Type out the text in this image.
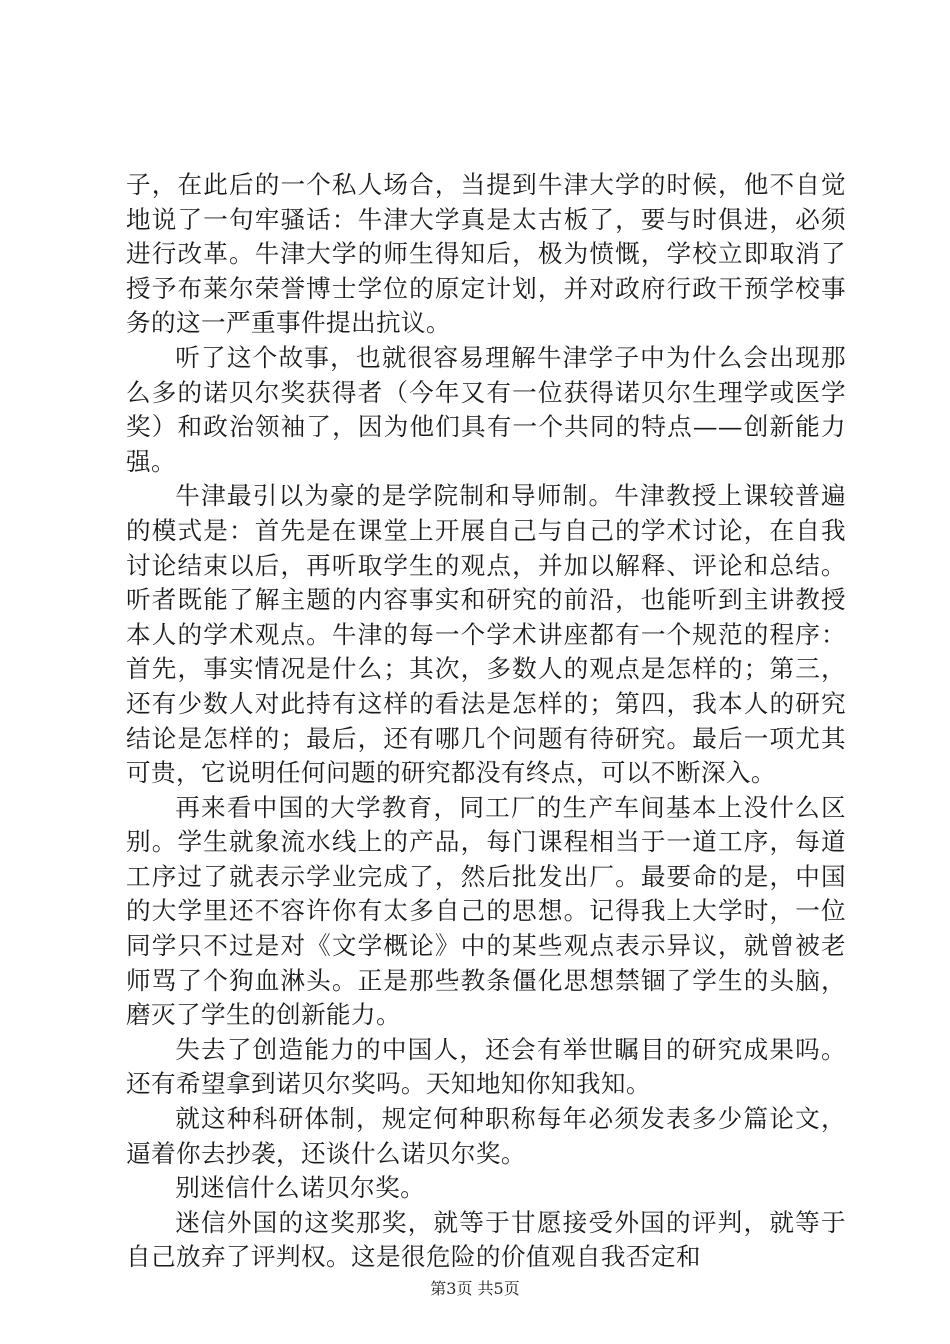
子，在此后的一个私人场合，当提到牛津大学的时候，他不自觉地说了一句牢骚话：牛津大学真是太古板了，要与时俱进，必须进行改革。牛津大学的师生得知后，极为愤慨，学校立即取消了授予布莱尔荣誉博士学位的原定计划，并对政府行政干预学校事务的这一严重事件提出抗议。

听了这个故事，也就很容易理解牛津学子中为什么会出现那么多的诺贝尔奖获得者（今年又有一位获得诺贝尔生理学或医学奖）和政治领袖了，因为他们具有一个共同的特点——创新能力强。

牛津最引以为豪的是学院制和导师制。牛津教授上课较普遍的模式是：首先是在课堂上开展自己与自己的学术讨论，在自我讨论结束以后，再听取学生的观点，并加以解释、评论和总结。听者既能了解主题的内容事实和研究的前沿，也能听到主讲教授本人的学术观点。牛津的每一个学术讲座都有一个规范的程序：首先，事实情况是什么；其次，多数人的观点是怎样的；第三，还有少数人对此持有这样的看法是怎样的；第四，我本人的研究结论是怎样的；最后，还有哪几个问题有待研究。最后一项尤其可贵，它说明任何问题的研究都没有终点，可以不断深入。

再来看中国的大学教育，同工厂的生产车间基本上没什么区别。学生就象流水线上的产品，每门课程相当于一道工序，每道工序过了就表示学业完成了，然后批发出厂。最要命的是，中国的大学里还不容许你有太多自己的思想。记得我上大学时，一位同学只不过是对《文学概论》中的某些观点表示异议，就曾被老师骂了个狗血淋头。正是那些教条僵化思想禁锢了学生的头脑，磨灭了学生的创新能力。

失去了创造能力的中国人，还会有举世瞩目的研究成果吗。还有希望拿到诺贝尔奖吗。天知地知你知我知。

就这种科研体制，规定何种职称每年必须发表多少篇论文，逼着你去抄袭，还谈什么诺贝尔奖。

别迷信什么诺贝尔奖。

迷信外国的这奖那奖，就等于甘愿接受外国的评判，就等于自己放弃了评判权。这是很危险的价值观自我否定和

第3页 共5页
